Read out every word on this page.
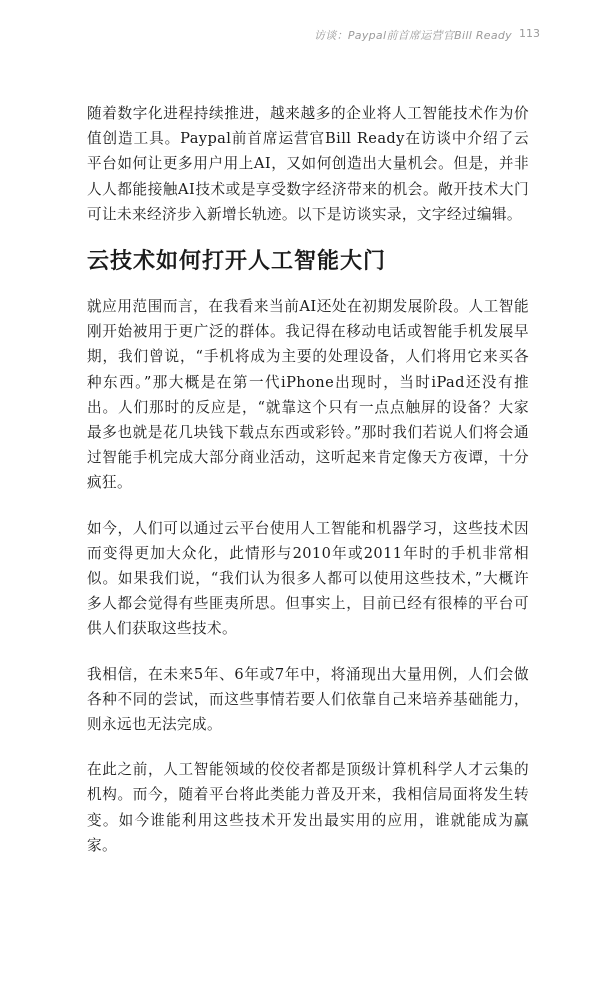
访谈：Paypal前首席运营官Bill Ready 113

随着数字化进程持续推进，越来越多的企业将人工智能技术作为价值创造工具。Paypal前首席运营官Bill Ready在访谈中介绍了云平台如何让更多用户用上AI，又如何创造出大量机会。但是，并非人人都能接触AI技术或是享受数字经济带来的机会。敞开技术大门可让未来经济步入新增长轨迹。以下是访谈实录，文字经过编辑。

云技术如何打开人工智能大门

就应用范围而言，在我看来当前AI还处在初期发展阶段。人工智能刚开始被用于更广泛的群体。我记得在移动电话或智能手机发展早期，我们曾说，“手机将成为主要的处理设备，人们将用它来买各种东西。”那大概是在第一代iPhone出现时，当时iPad还没有推出。人们那时的反应是，“就靠这个只有一点点触屏的设备？大家最多也就是花几块钱下载点东西或彩铃。”那时我们若说人们将会通过智能手机完成大部分商业活动，这听起来肯定像天方夜谭，十分疯狂。

如今，人们可以通过云平台使用人工智能和机器学习，这些技术因而变得更加大众化，此情形与2010年或2011年时的手机非常相似。如果我们说，“我们认为很多人都可以使用这些技术，”大概许多人都会觉得有些匪夷所思。但事实上，目前已经有很棒的平台可供人们获取这些技术。

我相信，在未来5年、6年或7年中，将涌现出大量用例，人们会做各种不同的尝试，而这些事情若要人们依靠自己来培养基础能力，则永远也无法完成。

在此之前，人工智能领域的佼佼者都是顶级计算机科学人才云集的机构。而今，随着平台将此类能力普及开来，我相信局面将发生转变。如今谁能利用这些技术开发出最实用的应用，谁就能成为赢家。
